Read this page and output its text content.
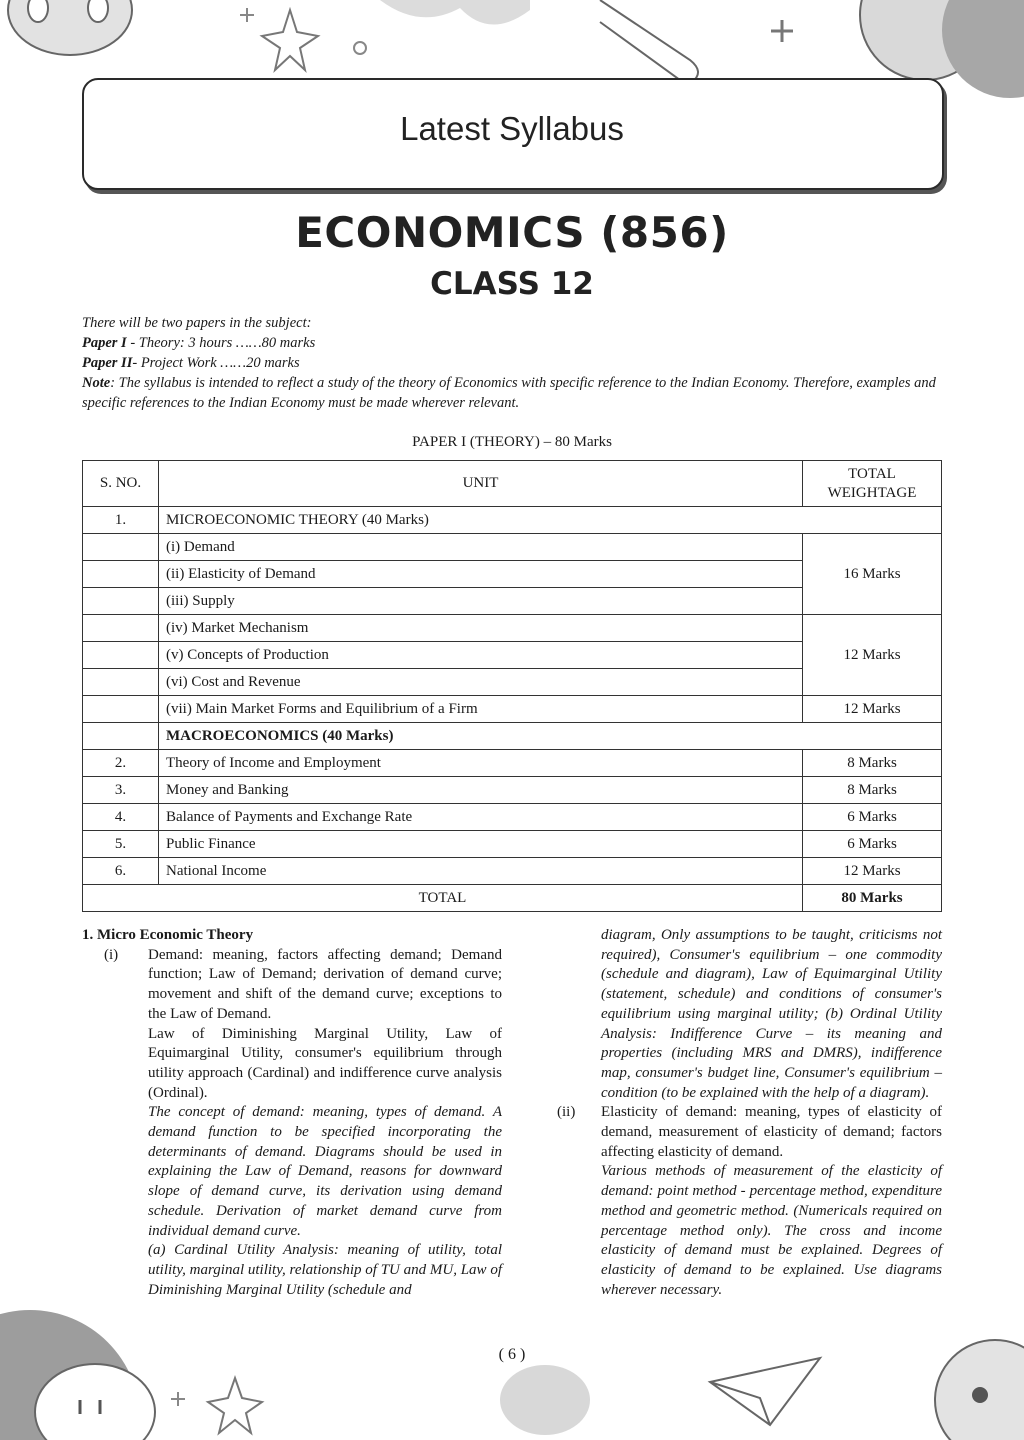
Latest Syllabus
ECONOMICS (856)
CLASS 12

There will be two papers in the subject:

Paper I - Theory: 3 hours ……80 marks

Paper II- Project Work ……20 marks

Note: The syllabus is intended to reflect a study of the theory of Economics with specific reference to the Indian Economy. Therefore, examples and specific references to the Indian Economy must be made wherever relevant.

PAPER I (THEORY) – 80 Marks
S. NO.	UNIT	TOTAL
WEIGHTAGE
1.	MICROECONOMIC THEORY (40 Marks)	
	(i) Demand	16 Marks
	(ii) Elasticity of Demand	
	(iii) Supply	
	(iv) Market Mechanism	12 Marks
	(v) Concepts of Production	
	(vi) Cost and Revenue	
	(vii) Main Market Forms and Equilibrium of a Firm	12 Marks
	MACROECONOMICS (40 Marks)	
2.	Theory of Income and Employment	8 Marks
3.	Money and Banking	8 Marks
4.	Balance of Payments and Exchange Rate	6 Marks
5.	Public Finance	6 Marks
6.	National Income	12 Marks
TOTAL		80 Marks
1. Micro Economic Theory
(i) Demand: meaning, factors affecting demand; Demand function; Law of Demand; derivation of demand curve; movement and shift of the demand curve; exceptions to the Law of Demand.
Law of Diminishing Marginal Utility, Law of Equimarginal Utility, consumer's equilibrium through utility approach (Cardinal) and indifference curve analysis (Ordinal).
The concept of demand: meaning, types of demand. A demand function to be specified incorporating the determinants of demand. Diagrams should be used in explaining the Law of Demand, reasons for downward slope of demand curve, its derivation using demand schedule. Derivation of market demand curve from individual demand curve.
(a) Cardinal Utility Analysis: meaning of utility, total utility, marginal utility, relationship of TU and MU, Law of Diminishing Marginal Utility (schedule and
diagram, Only assumptions to be taught, criticisms not required), Consumer's equilibrium – one commodity (schedule and diagram), Law of Equimarginal Utility (statement, schedule) and conditions of consumer's equilibrium using marginal utility; (b) Ordinal Utility Analysis: Indifference Curve – its meaning and properties (including MRS and DMRS), indifference map, consumer's budget line, Consumer's equilibrium – condition (to be explained with the help of a diagram).
(ii) Elasticity of demand: meaning, types of elasticity of demand, measurement of elasticity of demand; factors affecting elasticity of demand.
Various methods of measurement of the elasticity of demand: point method - percentage method, expenditure method and geometric method. (Numericals required on percentage method only). The cross and income elasticity of demand must be explained. Degrees of elasticity of demand to be explained. Use diagrams wherever necessary.
( 6 )
